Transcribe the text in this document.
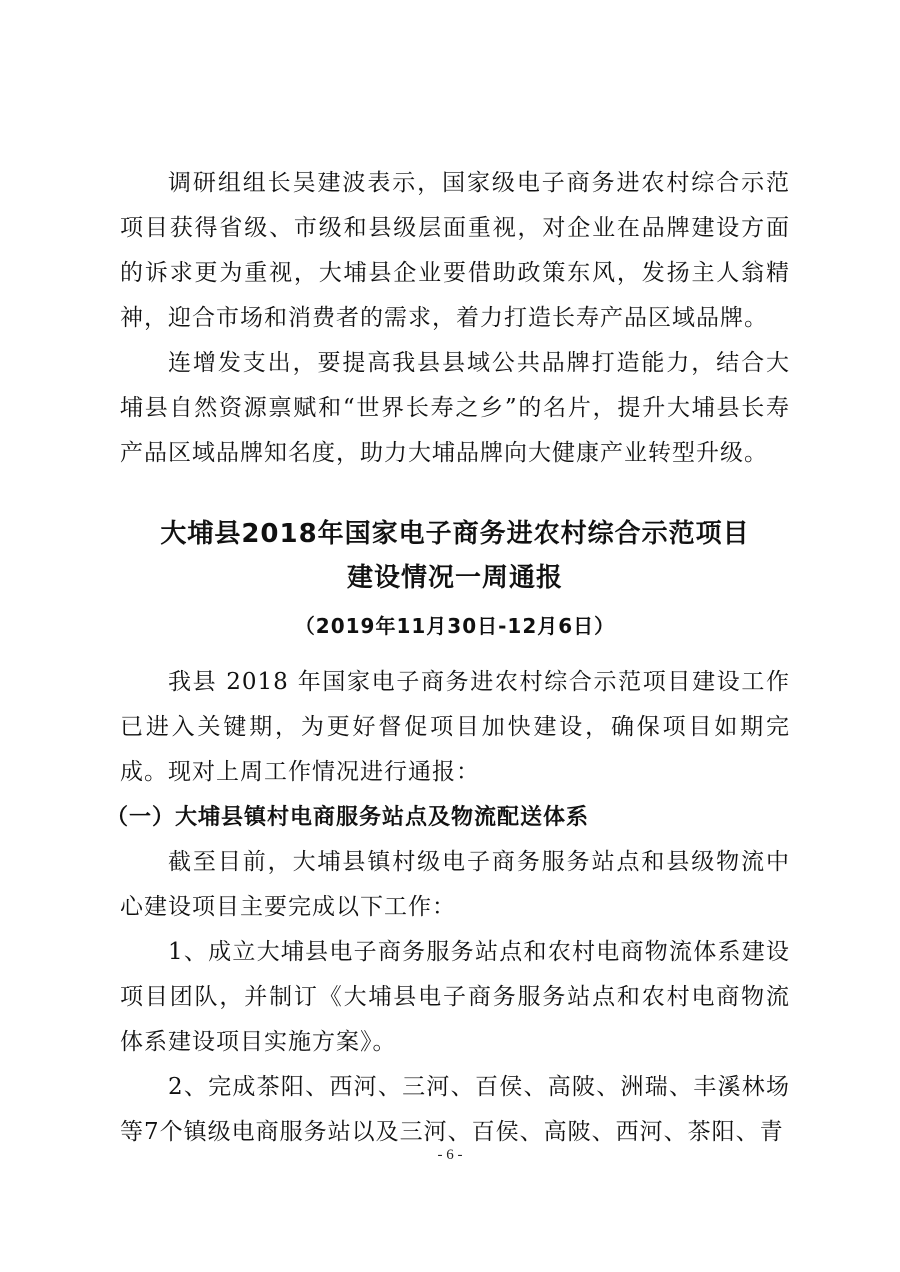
调研组组长吴建波表示，国家级电子商务进农村综合示范项目获得省级、市级和县级层面重视，对企业在品牌建设方面的诉求更为重视，大埔县企业要借助政策东风，发扬主人翁精神，迎合市场和消费者的需求，着力打造长寿产品区域品牌。

连增发支出，要提高我县县域公共品牌打造能力，结合大埔县自然资源禀赋和“世界长寿之乡”的名片，提升大埔县长寿产品区域品牌知名度，助力大埔品牌向大健康产业转型升级。

大埔县2018年国家电子商务进农村综合示范项目
建设情况一周通报
（2019年11月30日-12月6日）

我县 2018 年国家电子商务进农村综合示范项目建设工作已进入关键期，为更好督促项目加快建设，确保项目如期完成。现对上周工作情况进行通报：

（一）大埔县镇村电商服务站点及物流配送体系

截至目前，大埔县镇村级电子商务服务站点和县级物流中心建设项目主要完成以下工作：

1、成立大埔县电子商务服务站点和农村电商物流体系建设项目团队，并制订《大埔县电子商务服务站点和农村电商物流体系建设项目实施方案》。

2、完成茶阳、西河、三河、百侯、高陂、洲瑞、丰溪林场等7个镇级电商服务站以及三河、百侯、高陂、西河、茶阳、青

- 6 -
